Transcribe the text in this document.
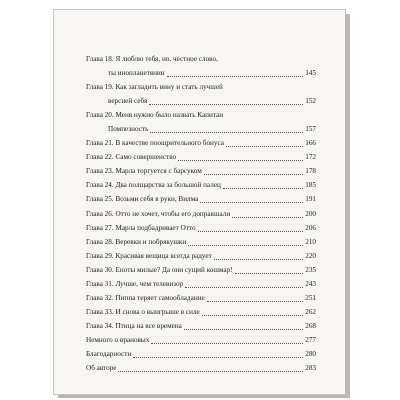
Глава 18. Я люблю тебя, но, честное слово,
ты инопланетянин	145
Глава 19. Как загладить вину и стать лучшей
версией себя	152
Глава 20. Меня нужно было назвать Капитан
Помпезность	157
Глава 21. В качестве поощрительного бонуса	166
Глава 22. Само совершенство	172
Глава 23. Марла торгуется с барсуком	178
Глава 24. Два полщарства за большой палец	185
Глава 25. Возьми себя в руки, Вилма	191
Глава 26. Отто не хочет, чтобы его доправшали	200
Глава 27. Марла подбадривает Отто	206
Глава 28. Веревки и побрякушки	210
Глава 29. Красивая вещица всегда радует	220
Глава 30. Еноты милые? Да они сущий кошмар!	235
Глава 31. Лучше, чем телевизор	243
Глава 32. Пиппа теряет самообладание	251
Глава 33. И снова о выигрыше в силе	262
Глава 34. Птица на все времена	268
Немного о врановых	277
Благодарности	280
Об авторе	283
